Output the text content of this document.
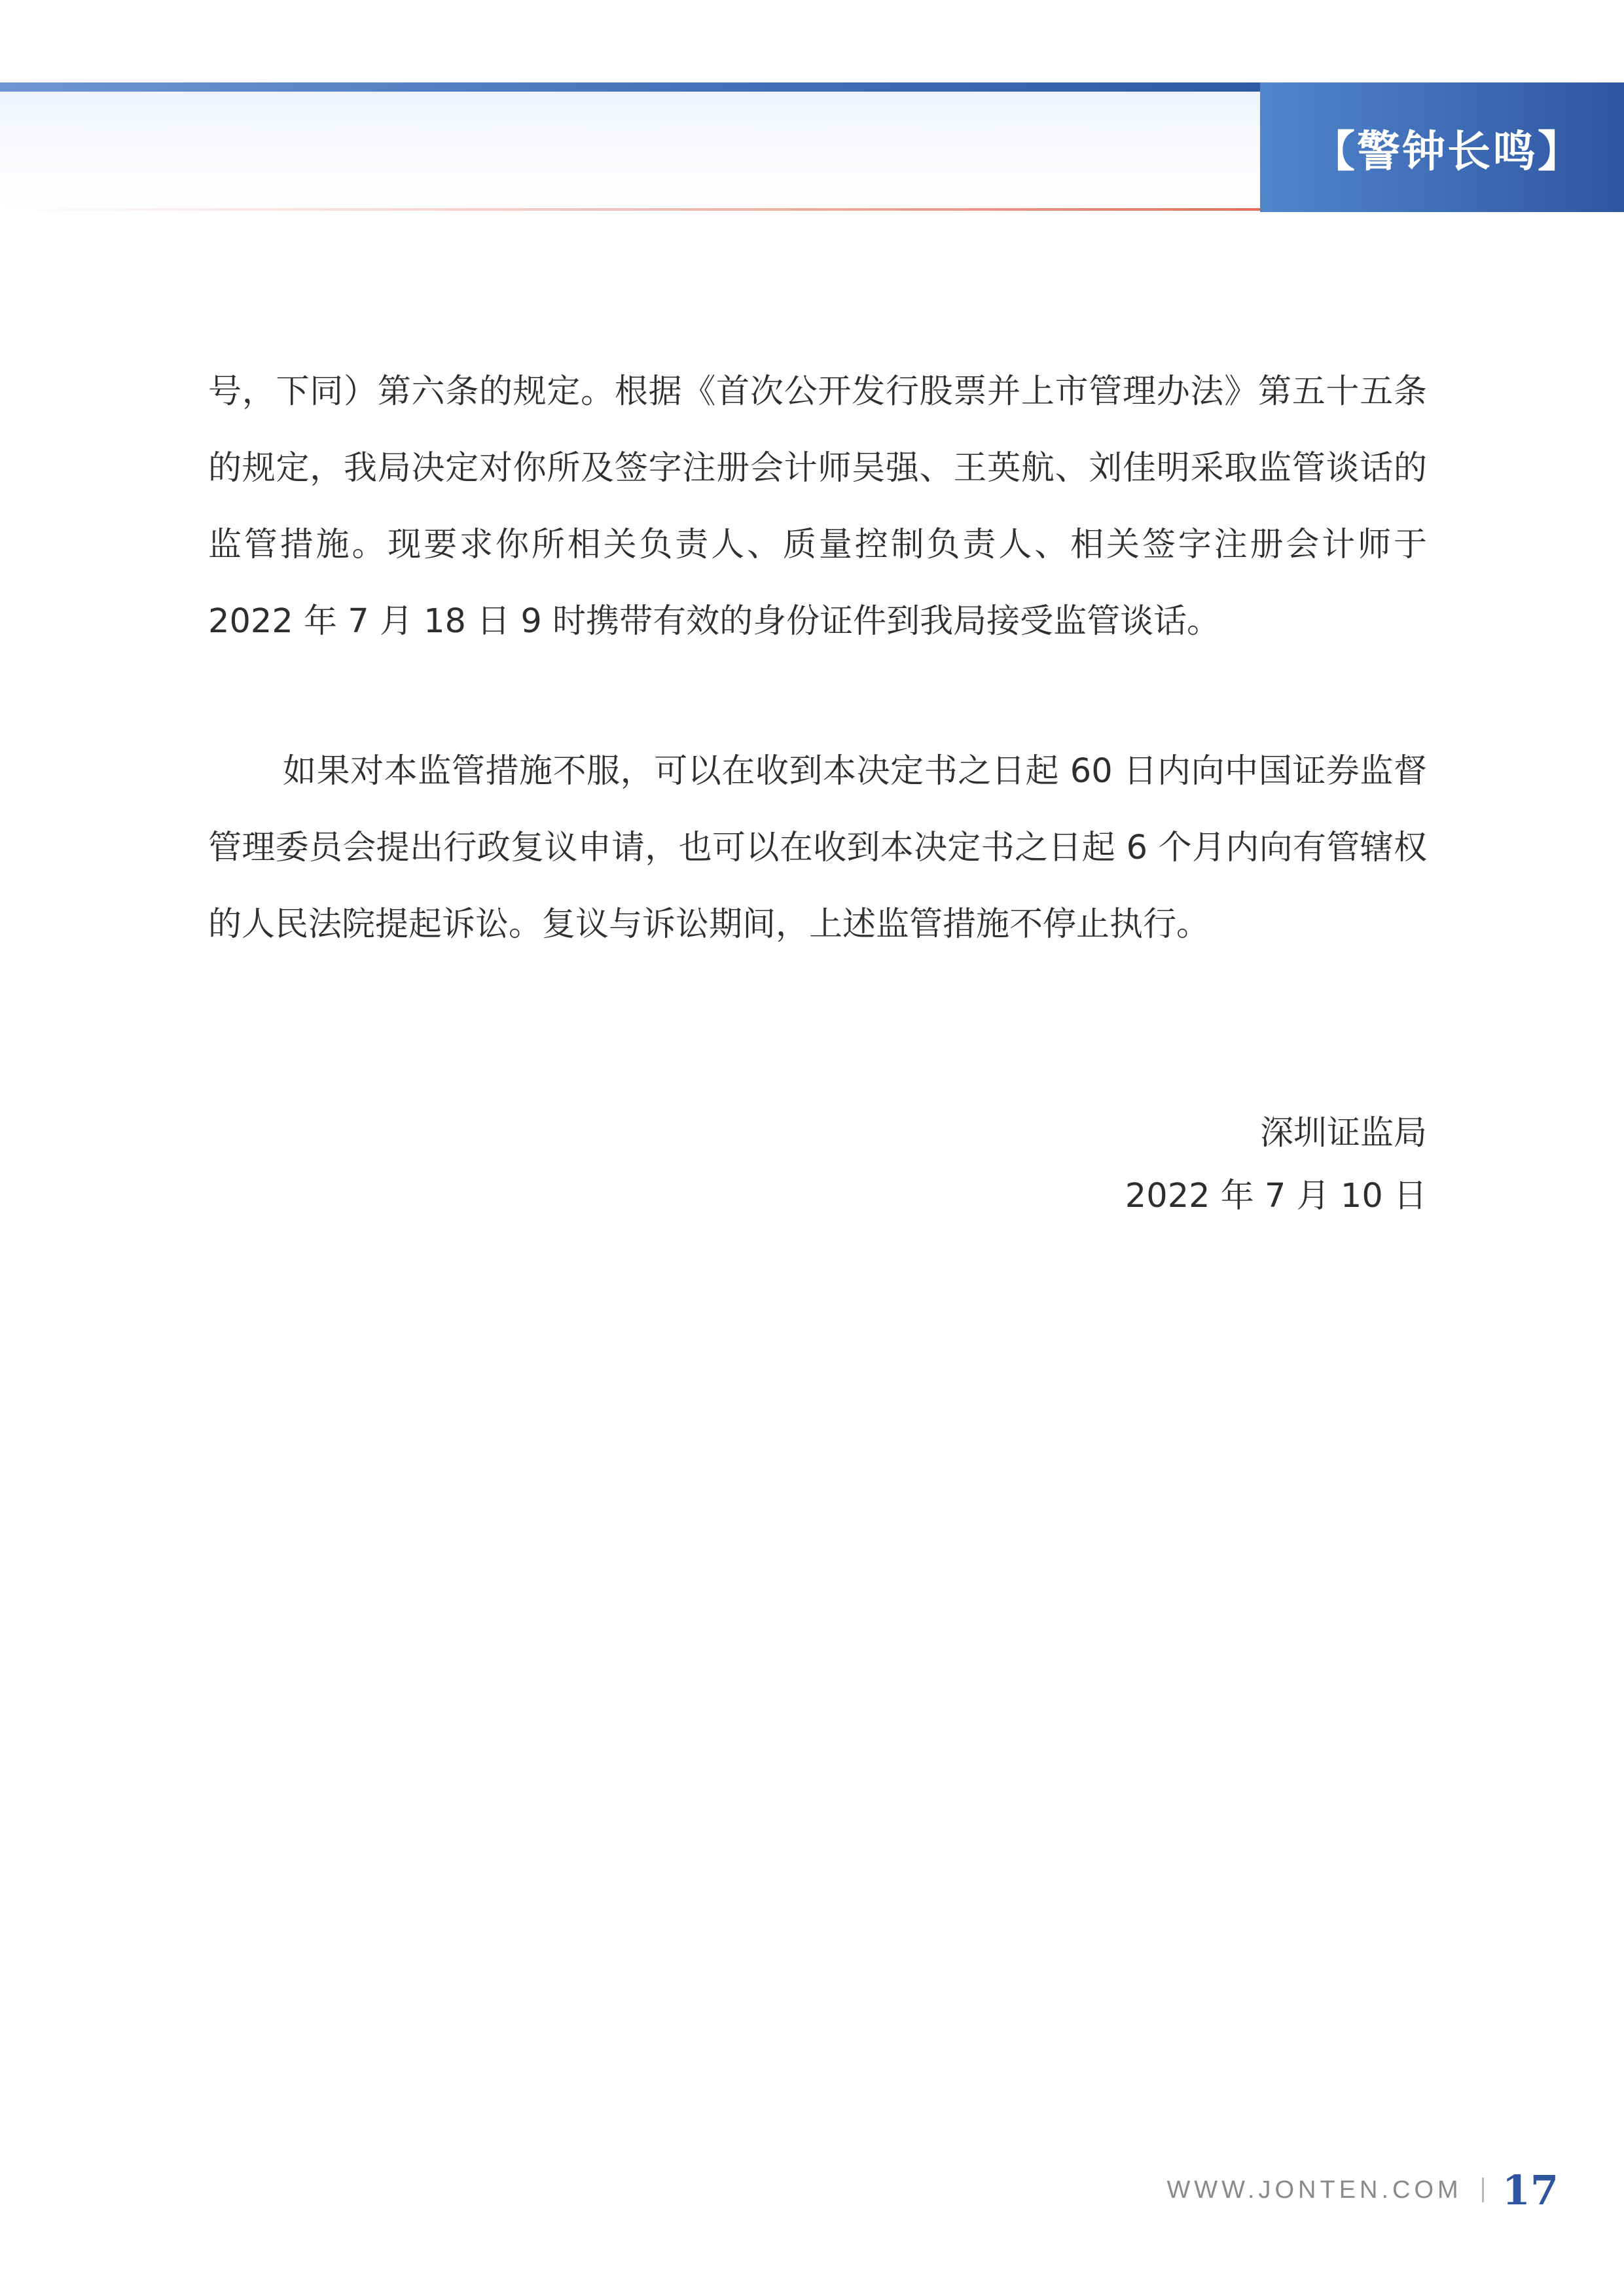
【警钟长鸣】

号，下同）第六条的规定。根据《首次公开发行股票并上市管理办法》第五十五条的规定，我局决定对你所及签字注册会计师吴强、王英航、刘佳明采取监管谈话的监管措施。现要求你所相关负责人、质量控制负责人、相关签字注册会计师于 2022 年 7 月 18 日 9 时携带有效的身份证件到我局接受监管谈话。

如果对本监管措施不服，可以在收到本决定书之日起 60 日内向中国证券监督管理委员会提出行政复议申请，也可以在收到本决定书之日起 6 个月内向有管辖权的人民法院提起诉讼。复议与诉讼期间，上述监管措施不停止执行。

深圳证监局
2022 年 7 月 10 日
WWW.JONTEN.COM 17
